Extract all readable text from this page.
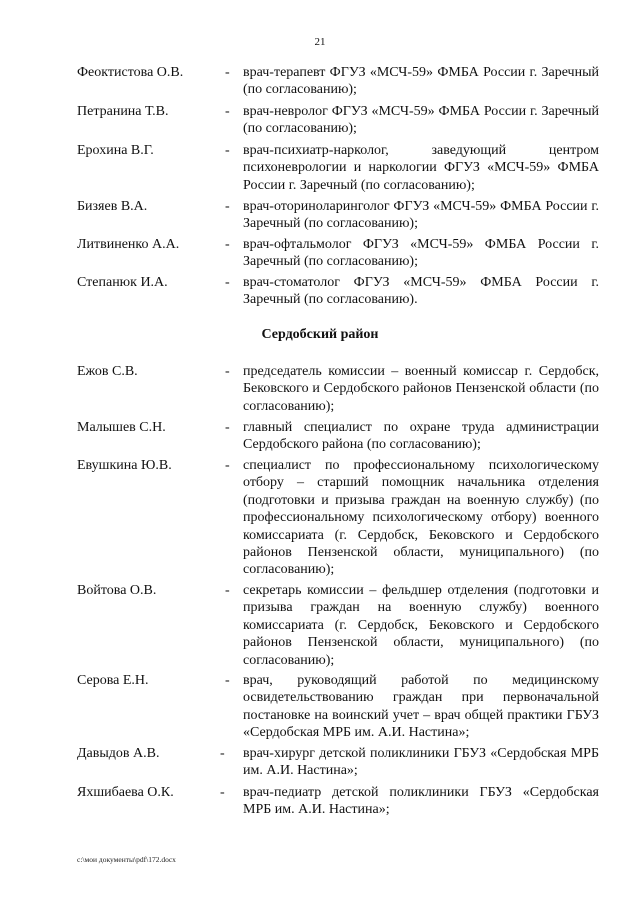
21
Феоктистова О.В.	- врач-терапевт ФГУЗ «МСЧ-59» ФМБА России г. Заречный (по согласованию);
Петранина Т.В.	- врач-невролог ФГУЗ «МСЧ-59» ФМБА России г. Заречный (по согласованию);
Ерохина В.Г.	- врач-психиатр-нарколог, заведующий центром психоневрологии и наркологии ФГУЗ «МСЧ-59» ФМБА России г. Заречный (по согласованию);
Бизяев В.А.	- врач-оториноларинголог ФГУЗ «МСЧ-59» ФМБА России г. Заречный (по согласованию);
Литвиненко А.А.	- врач-офтальмолог ФГУЗ «МСЧ-59» ФМБА России г. Заречный (по согласованию);
Степанюк И.А.	- врач-стоматолог ФГУЗ «МСЧ-59» ФМБА России г. Заречный (по согласованию).
Сердобский район
Ежов С.В.	- председатель комиссии – военный комиссар г. Сердобск, Бековского и Сердобского районов Пензенской области (по согласованию);
Малышев С.Н.	- главный специалист по охране труда администрации Сердобского района (по согласованию);
Евушкина Ю.В.	- специалист по профессиональному психологическому отбору – старший помощник начальника отделения (подготовки и призыва граждан на военную службу) (по профессиональному психологическому отбору) военного комиссариата (г. Сердобск, Бековского и Сердобского районов Пензенской области, муниципального) (по согласованию);
Войтова О.В.	- секретарь комиссии – фельдшер отделения (подготовки и призыва граждан на военную службу) военного комиссариата (г. Сердобск, Бековского и Сердобского районов Пензенской области, муниципального) (по согласованию);
Серова Е.Н.	- врач, руководящий работой по медицинскому освидетельствованию граждан при первоначальной постановке на воинский учет – врач общей практики ГБУЗ «Сердобская МРБ им. А.И. Настина»;
Давыдов А.В.	- врач-хирург детской поликлиники ГБУЗ «Сердобская МРБ им. А.И. Настина»;
Яхшибаева О.К.	- врач-педиатр детской поликлиники ГБУЗ «Сердобская МРБ им. А.И. Настина»;
c:\мои документы\pdf\172.docx
